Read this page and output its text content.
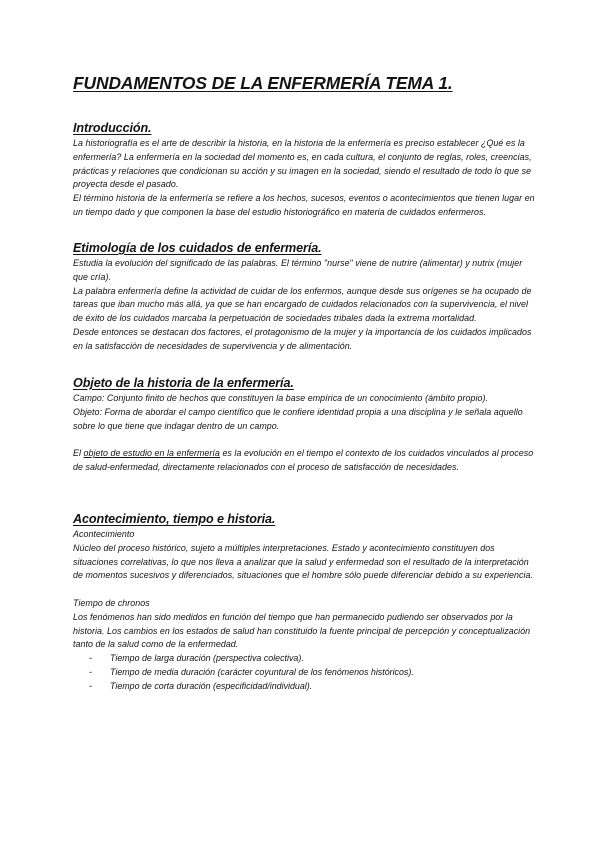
FUNDAMENTOS DE LA ENFERMERÍA TEMA 1.
Introducción.

La historiografía es el arte de describir la historia, en la historia de la enfermería es preciso establecer ¿Qué es la enfermería? La enfermería en la sociedad del momento es, en cada cultura, el conjunto de reglas, roles, creencias, prácticas y relaciones que condicionan su acción y su imagen en la sociedad, siendo el resultado de todo lo que se proyecta desde el pasado.

El término historia de la enfermería se refiere a los hechos, sucesos, eventos o acontecimientos que tienen lugar en un tiempo dado y que componen la base del estudio historiográfico en materia de cuidados enfermeros.

Etimología de los cuidados de enfermería.

Estudia la evolución del significado de las palabras. El término "nurse" viene de nutrire (alimentar) y nutrix (mujer que cría).

La palabra enfermería define la actividad de cuidar de los enfermos, aunque desde sus orígenes se ha ocupado de tareas que iban mucho más allá, ya que se han encargado de cuidados relacionados con la supervivencia, el nivel de éxito de los cuidados marcaba la perpetuación de sociedades tribales dada la extrema mortalidad.

Desde entonces se destacan dos factores, el protagonismo de la mujer y la importancia de los cuidados implicados en la satisfacción de necesidades de supervivencia y de alimentación.

Objeto de la historia de la enfermería.

Campo: Conjunto finito de hechos que constituyen la base empírica de un conocimiento (ámbito propio).

Objeto: Forma de abordar el campo científico que le confiere identidad propia a una disciplina y le señala aquello sobre lo que tiene que indagar dentro de un campo.

El objeto de estudio en la enfermería es la evolución en el tiempo el contexto de los cuidados vinculados al proceso de salud-enfermedad, directamente relacionados con el proceso de satisfacción de necesidades.

Acontecimiento, tiempo e historia.

Acontecimiento

Núcleo del proceso histórico, sujeto a múltiples interpretaciones. Estado y acontecimiento constituyen dos situaciones correlativas, lo que nos lleva a analizar que la salud y enfermedad son el resultado de la interpretación de momentos sucesivos y diferenciados, situaciones que el hombre sólo puede diferenciar debido a su experiencia.

Tiempo de chronos

Los fenómenos han sido medidos en función del tiempo que han permanecido pudiendo ser observados por la historia. Los cambios en los estados de salud han constituido la fuente principal de percepción y conceptualización tanto de la salud como de la enfermedad.

- Tiempo de larga duración (perspectiva colectiva).
- Tiempo de media duración (carácter coyuntural de los fenómenos históricos).
- Tiempo de corta duración (especificidad/individual).
